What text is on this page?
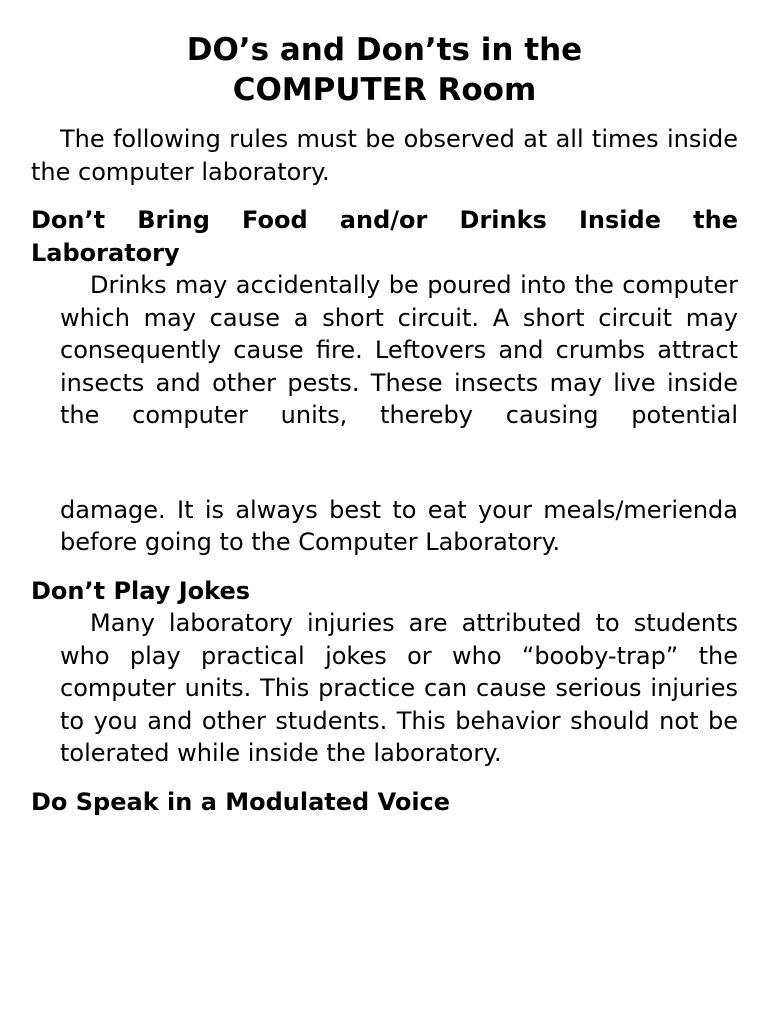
DO’s and Don’ts in the
COMPUTER Room

The following rules must be observed at all times inside the computer laboratory.

Don’t Bring Food and/or Drinks Inside the Laboratory

Drinks may accidentally be poured into the computer which may cause a short circuit. A short circuit may consequently cause fire. Leftovers and crumbs attract insects and other pests. These insects may live inside the computer units, thereby causing potential

damage. It is always best to eat your meals/merienda before going to the Computer Laboratory.

Don’t Play Jokes

Many laboratory injuries are attributed to students who play practical jokes or who “booby-trap” the computer units. This practice can cause serious injuries to you and other students. This behavior should not be tolerated while inside the laboratory.

Do Speak in a Modulated Voice
